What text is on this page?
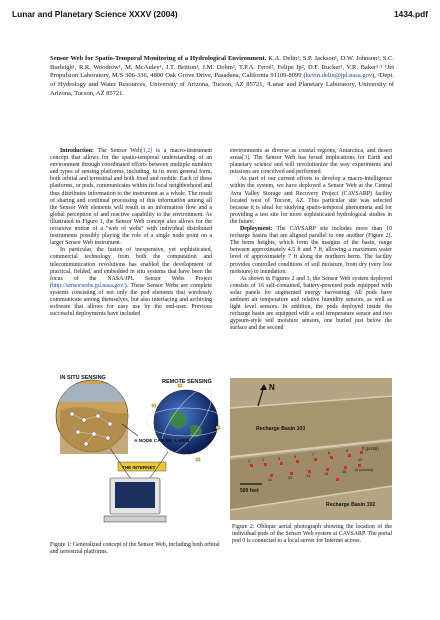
Lunar and Planetary Science XXXV (2004)	1434.pdf
Sensor Web for Spatio-Temporal Monitoring of a Hydrological Environment. K.A. Delin¹, S.P. Jackson¹, D.W. Johnson¹, S.C. Burleigh¹, R.R. Woodrow¹, M. McAuley¹, J.T. Britton¹, J.M. Dohm², T.P.A. Ferré², Felipe Ip², D.F. Rucker², V.R. Baker²·³ ¹Jet Propulsion Laboratory, M/S 306-336, 4800 Oak Grove Drive, Pasadena, California 91109-8099 (kevin.delin@jpl.nasa.gov), ²Dept. of Hydrology and Water Resources, University of Arizona, Tucson, AZ 85721, ³Lunar and Planetary Laboratory, University of Arizona, Tucson, AZ 85721.

Introduction: The Sensor Web[1,2] is a macro-instrument concept that allows for the spatio-temporal understanding of an environment through coordinated efforts between multiple numbers and types of sensing platforms, including, in its most general form, both orbital and terrestrial and both fixed and mobile. Each of these platforms, or pods, communicates within its local neighborhood and thus distributes information to the instrument as a whole. The result of sharing and continual processing of this information among all the Sensor Web elements will result in an information flow and a global perception of and reactive capability to the environment. As illustrated in Figure 1, the Sensor Web concept also allows for the recursive notion of a "web of webs" with individual distributed instruments possibly playing the role of a single node point on a larger Sensor Web instrument.

In particular, the fusion of inexpensive, yet sophisticated, commercial technology from both the computation and telecommunication revolutions has enabled the development of practical, fielded, and embedded in situ systems that have been the focus of the NASA/JPL Sensor Webs Project (http://sensorwebs.jpl.nasa.gov/). These Sensor Webs are complete systems consisting of not only the pod elements that wirelessly communicate among themselves, but also interfacing and archiving software that allows for easy use by the end-user. Previous successful deployments have included

environments as diverse as coastal regions, Antarctica, and desert areas[3]. The Sensor Web has broad implications for Earth and planetary science and will revolutionize the way experiments and missions are conceived and performed.

As part of our current efforts to develop a macro-intelligence within the system, we have deployed a Sensor Web at the Central Avra Valley Storage and Recovery Project (CAVSARP) facility located west of Tucson, AZ. This particular site was selected because it is ideal for studying spatio-temporal phenomena and for providing a test site for more sophisticated hydrological studies in the future.

Deployment: The CAVSARP site includes more than 10 recharge basins that are aligned parallel to one another (Figure 2). The berm heights, which form the margins of the basin, range between approximately 4.5 ft and 7 ft, allowing a maximum water level of approximately 7 ft along the northern berm. The facility provides controlled conditions of soil moisture, from dry (very low moisture) to inundation.

As shown in Figures 2 and 3, the Sensor Web system deployed consists of 16 self-contained, battery-powered pods equipped with solar panels for augmented energy harvesting. All pods have ambient air temperature and relative humidity sensors, as well as light level sensors. In addition, the pods deployed inside the recharge basin are equipped with a soil temperature sensor and two gypsum-style soil moisture sensors, one buried just below the surface and the second

IN SITU SENSING
REMOTE SENSING
A NODE CAN BE A WEB
THE INTERNET
N
Recharge Basin 103
Recharge Basin 102
0 (portal)
500 feet
1	2	3	5	7	8	9
10
11	12	13	14	15 16 (control)
Figure 1: Generalized concept of the Sensor Web, including both orbital and terrestrial platforms.
Figure 2: Oblique aerial photograph showing the location of the individual pods of the Sensor Web system at CAVSARP. The portal pod 0 is connected to a local server for Internet access.
